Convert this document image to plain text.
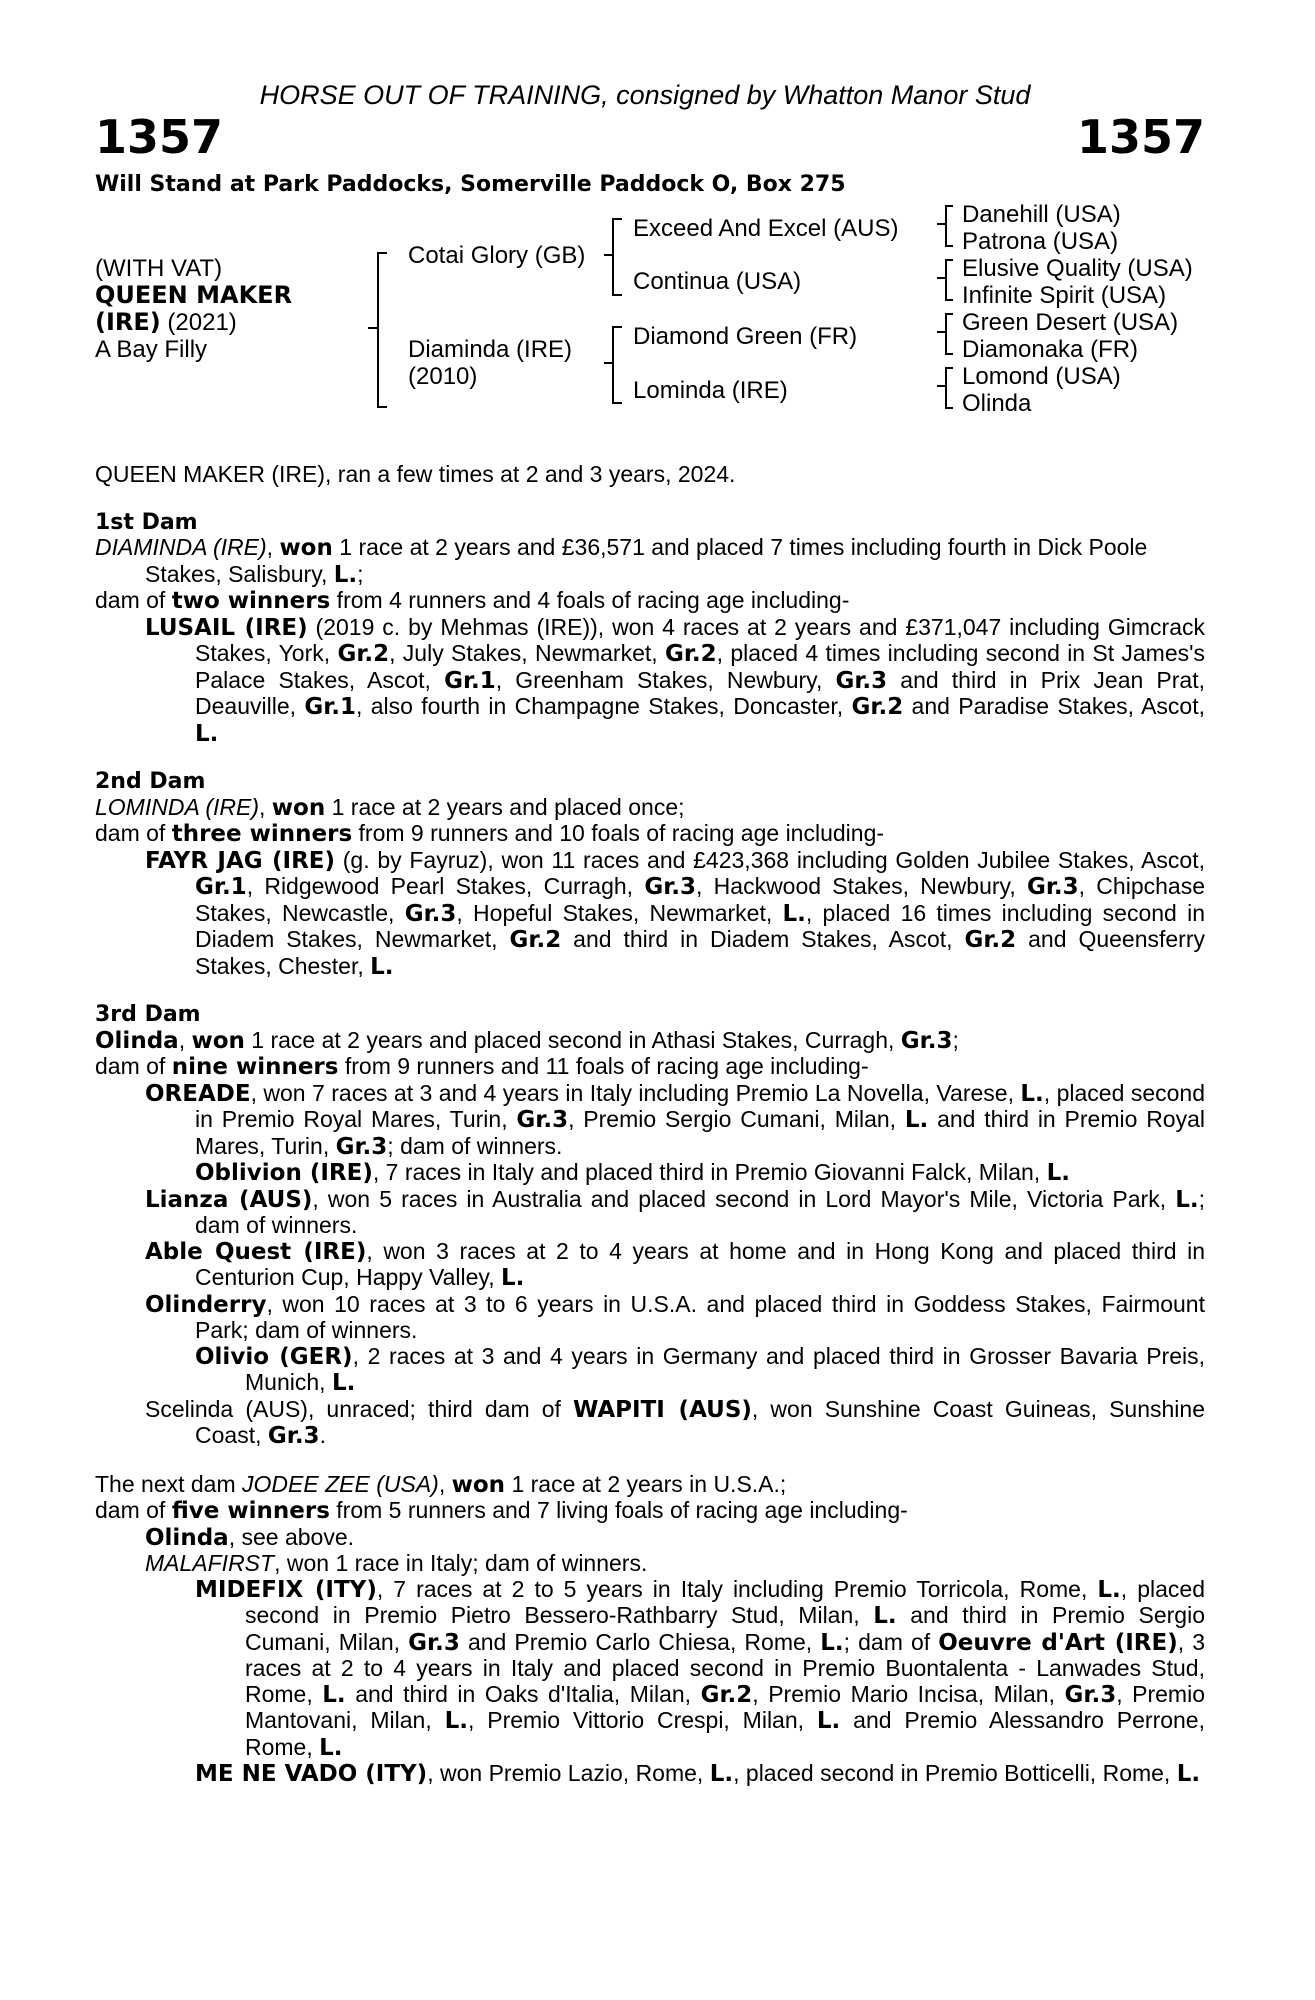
HORSE OUT OF TRAINING, consigned by Whatton Manor Stud
1357	1357
Will Stand at Park Paddocks, Somerville Paddock O, Box 275
(WITH VAT)
QUEEN MAKER
(IRE) (2021)
A Bay Filly
Cotai Glory (GB)
Diaminda (IRE)
(2010)
Exceed And Excel (AUS)
Continua (USA)
Diamond Green (FR)
Lominda (IRE)
Danehill (USA)
Patrona (USA)
Elusive Quality (USA)
Infinite Spirit (USA)
Green Desert (USA)
Diamonaka (FR)
Lomond (USA)
Olinda

QUEEN MAKER (IRE), ran a few times at 2 and 3 years, 2024.

1st Dam

DIAMINDA (IRE), won 1 race at 2 years and £36,571 and placed 7 times including fourth in Dick Poole Stakes, Salisbury, L.;

dam of two winners from 4 runners and 4 foals of racing age including-

LUSAIL (IRE) (2019 c. by Mehmas (IRE)), won 4 races at 2 years and £371,047 including Gimcrack Stakes, York, Gr.2, July Stakes, Newmarket, Gr.2, placed 4 times including second in St James's Palace Stakes, Ascot, Gr.1, Greenham Stakes, Newbury, Gr.3 and third in Prix Jean Prat, Deauville, Gr.1, also fourth in Champagne Stakes, Doncaster, Gr.2 and Paradise Stakes, Ascot, L.

2nd Dam

LOMINDA (IRE), won 1 race at 2 years and placed once;

dam of three winners from 9 runners and 10 foals of racing age including-

FAYR JAG (IRE) (g. by Fayruz), won 11 races and £423,368 including Golden Jubilee Stakes, Ascot, Gr.1, Ridgewood Pearl Stakes, Curragh, Gr.3, Hackwood Stakes, Newbury, Gr.3, Chipchase Stakes, Newcastle, Gr.3, Hopeful Stakes, Newmarket, L., placed 16 times including second in Diadem Stakes, Newmarket, Gr.2 and third in Diadem Stakes, Ascot, Gr.2 and Queensferry Stakes, Chester, L.

3rd Dam

Olinda, won 1 race at 2 years and placed second in Athasi Stakes, Curragh, Gr.3;

dam of nine winners from 9 runners and 11 foals of racing age including-

OREADE, won 7 races at 3 and 4 years in Italy including Premio La Novella, Varese, L., placed second in Premio Royal Mares, Turin, Gr.3, Premio Sergio Cumani, Milan, L. and third in Premio Royal Mares, Turin, Gr.3; dam of winners.

Oblivion (IRE), 7 races in Italy and placed third in Premio Giovanni Falck, Milan, L.

Lianza (AUS), won 5 races in Australia and placed second in Lord Mayor's Mile, Victoria Park, L.; dam of winners.

Able Quest (IRE), won 3 races at 2 to 4 years at home and in Hong Kong and placed third in Centurion Cup, Happy Valley, L.

Olinderry, won 10 races at 3 to 6 years in U.S.A. and placed third in Goddess Stakes, Fairmount Park; dam of winners.

Olivio (GER), 2 races at 3 and 4 years in Germany and placed third in Grosser Bavaria Preis, Munich, L.

Scelinda (AUS), unraced; third dam of WAPITI (AUS), won Sunshine Coast Guineas, Sunshine Coast, Gr.3.

The next dam JODEE ZEE (USA), won 1 race at 2 years in U.S.A.;

dam of five winners from 5 runners and 7 living foals of racing age including-

Olinda, see above.

MALAFIRST, won 1 race in Italy; dam of winners.

MIDEFIX (ITY), 7 races at 2 to 5 years in Italy including Premio Torricola, Rome, L., placed second in Premio Pietro Bessero-Rathbarry Stud, Milan, L. and third in Premio Sergio Cumani, Milan, Gr.3 and Premio Carlo Chiesa, Rome, L.; dam of Oeuvre d'Art (IRE), 3 races at 2 to 4 years in Italy and placed second in Premio Buontalenta - Lanwades Stud, Rome, L. and third in Oaks d'Italia, Milan, Gr.2, Premio Mario Incisa, Milan, Gr.3, Premio Mantovani, Milan, L., Premio Vittorio Crespi, Milan, L. and Premio Alessandro Perrone, Rome, L.

ME NE VADO (ITY), won Premio Lazio, Rome, L., placed second in Premio Botticelli, Rome, L.
